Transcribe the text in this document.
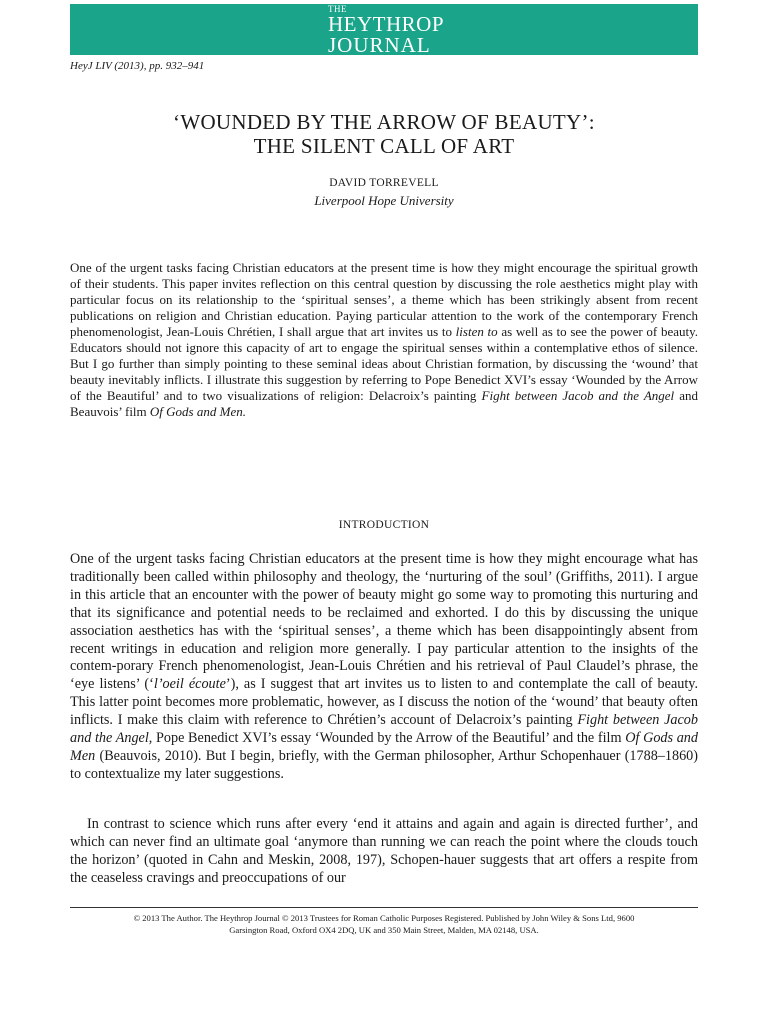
THE
HEYTHROP
JOURNAL
HeyJ LIV (2013), pp. 932–941
‘WOUNDED BY THE ARROW OF BEAUTY’:
THE SILENT CALL OF ART
DAVID TORREVELL
Liverpool Hope University
One of the urgent tasks facing Christian educators at the present time is how they might encourage the spiritual growth of their students. This paper invites reflection on this central question by discussing the role aesthetics might play with particular focus on its relationship to the ‘spiritual senses’, a theme which has been strikingly absent from recent publications on religion and Christian education. Paying particular attention to the work of the contemporary French phenomenologist, Jean-Louis Chrétien, I shall argue that art invites us to listen to as well as to see the power of beauty. Educators should not ignore this capacity of art to engage the spiritual senses within a contemplative ethos of silence. But I go further than simply pointing to these seminal ideas about Christian formation, by discussing the ‘wound’ that beauty inevitably inflicts. I illustrate this suggestion by referring to Pope Benedict XVI’s essay ‘Wounded by the Arrow of the Beautiful’ and to two visualizations of religion: Delacroix’s painting Fight between Jacob and the Angel and Beauvois’ film Of Gods and Men.
INTRODUCTION
One of the urgent tasks facing Christian educators at the present time is how they might encourage what has traditionally been called within philosophy and theology, the ‘nurturing of the soul’ (Griffiths, 2011). I argue in this article that an encounter with the power of beauty might go some way to promoting this nurturing and that its significance and potential needs to be reclaimed and exhorted. I do this by discussing the unique association aesthetics has with the ‘spiritual senses’, a theme which has been disappointingly absent from recent writings in education and religion more generally. I pay particular attention to the insights of the contem-porary French phenomenologist, Jean-Louis Chrétien and his retrieval of Paul Claudel’s phrase, the ‘eye listens’ (‘l’oeil écoute’), as I suggest that art invites us to listen to and contemplate the call of beauty. This latter point becomes more problematic, however, as I discuss the notion of the ‘wound’ that beauty often inflicts. I make this claim with reference to Chrétien’s account of Delacroix’s painting Fight between Jacob and the Angel, Pope Benedict XVI’s essay ‘Wounded by the Arrow of the Beautiful’ and the film Of Gods and Men (Beauvois, 2010). But I begin, briefly, with the German philosopher, Arthur Schopenhauer (1788–1860) to contextualize my later suggestions.
In contrast to science which runs after every ‘end it attains and again and again is directed further’, and which can never find an ultimate goal ‘anymore than running we can reach the point where the clouds touch the horizon’ (quoted in Cahn and Meskin, 2008, 197), Schopen-hauer suggests that art offers a respite from the ceaseless cravings and preoccupations of our
© 2013 The Author. The Heythrop Journal © 2013 Trustees for Roman Catholic Purposes Registered. Published by John Wiley & Sons Ltd, 9600
Garsington Road, Oxford OX4 2DQ, UK and 350 Main Street, Malden, MA 02148, USA.
